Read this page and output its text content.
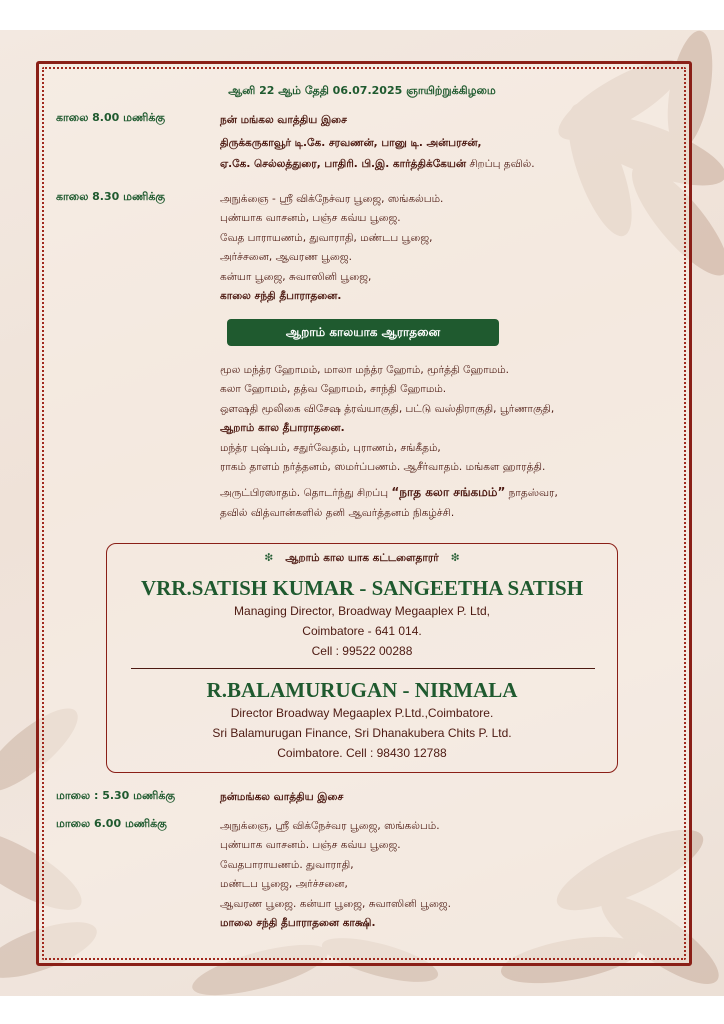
ஆனி 22 ஆம் தேதி 06.07.2025 ஞாயிற்றுக்கிழமை
காலை 8.00 மணிக்கு	நன் மங்கல வாத்திய இசை
திருக்கருகாவூர் டி.கே. சரவணன், பானு டி. அன்பரசன்,
ஏ.கே. செல்லத்துரை, பாதிரி. பி.இ. கார்த்திக்கேயன் சிறப்பு தவில்.
காலை 8.30 மணிக்கு	அநுக்ஞை - ஸ்ரீ விக்நேச்வர பூஜை, ஸங்கல்பம்.
புண்யாக வாசனம், பஞ்ச கவ்ய பூஜை.
வேத பாராயணம், துவாராதி, மண்டப பூஜை,
அர்ச்சனை, ஆவரண பூஜை.
கன்யா பூஜை, சுவாஸினி பூஜை,
காலை சந்தி தீபாராதனை.
ஆறாம் காலயாக ஆராதனை
மூல மந்த்ர ஹோமம், மாலா மந்த்ர ஹோம், மூர்த்தி ஹோமம்.
கலா ஹோமம், தத்வ ஹோமம், சாந்தி ஹோமம்.
ஔஷதி மூலிகை விசேஷ த்ரவ்யாகுதி, பட்டு வஸ்திராகுதி, பூர்ணாகுதி,
ஆறாம் கால தீபாராதனை.
மந்த்ர புஷ்பம், சதுர்வேதம், புராணம், சங்கீதம்,
ராகம் தாளம் நர்த்தனம், ஸமர்ப்பணம். ஆசீர்வாதம். மங்கள ஹாரத்தி.
அருட்பிரஸாதம். தொடர்ந்து சிறப்பு “நாத கலா சங்கமம்” நாதஸ்வர,
தவில் வித்வான்களில் தனி ஆவர்த்தனம் நிகழ்ச்சி.
❇ ஆறாம் கால யாக கட்டளைதாரர் ❇
VRR.SATISH KUMAR - SANGEETHA SATISH
Managing Director, Broadway Megaaplex P. Ltd,
Coimbatore - 641 014.
Cell : 99522 00288
R.BALAMURUGAN - NIRMALA
Director Broadway Megaaplex P.Ltd.,Coimbatore.
Sri Balamurugan Finance, Sri Dhanakubera Chits P. Ltd.
Coimbatore. Cell : 98430 12788
மாலை : 5.30 மணிக்கு	நன்மங்கல வாத்திய இசை
மாலை 6.00 மணிக்கு	அநுக்ஞை, ஸ்ரீ விக்நேச்வர பூஜை, ஸங்கல்பம்.
புண்யாக வாசனம். பஞ்ச கவ்ய பூஜை.
வேதபாராயணம். துவாராதி,
மண்டப பூஜை, அர்ச்சனை,
ஆவரண பூஜை. கன்யா பூஜை, சுவாஸினி பூஜை.
மாலை சந்தி தீபாராதனை காக்ஷி.
